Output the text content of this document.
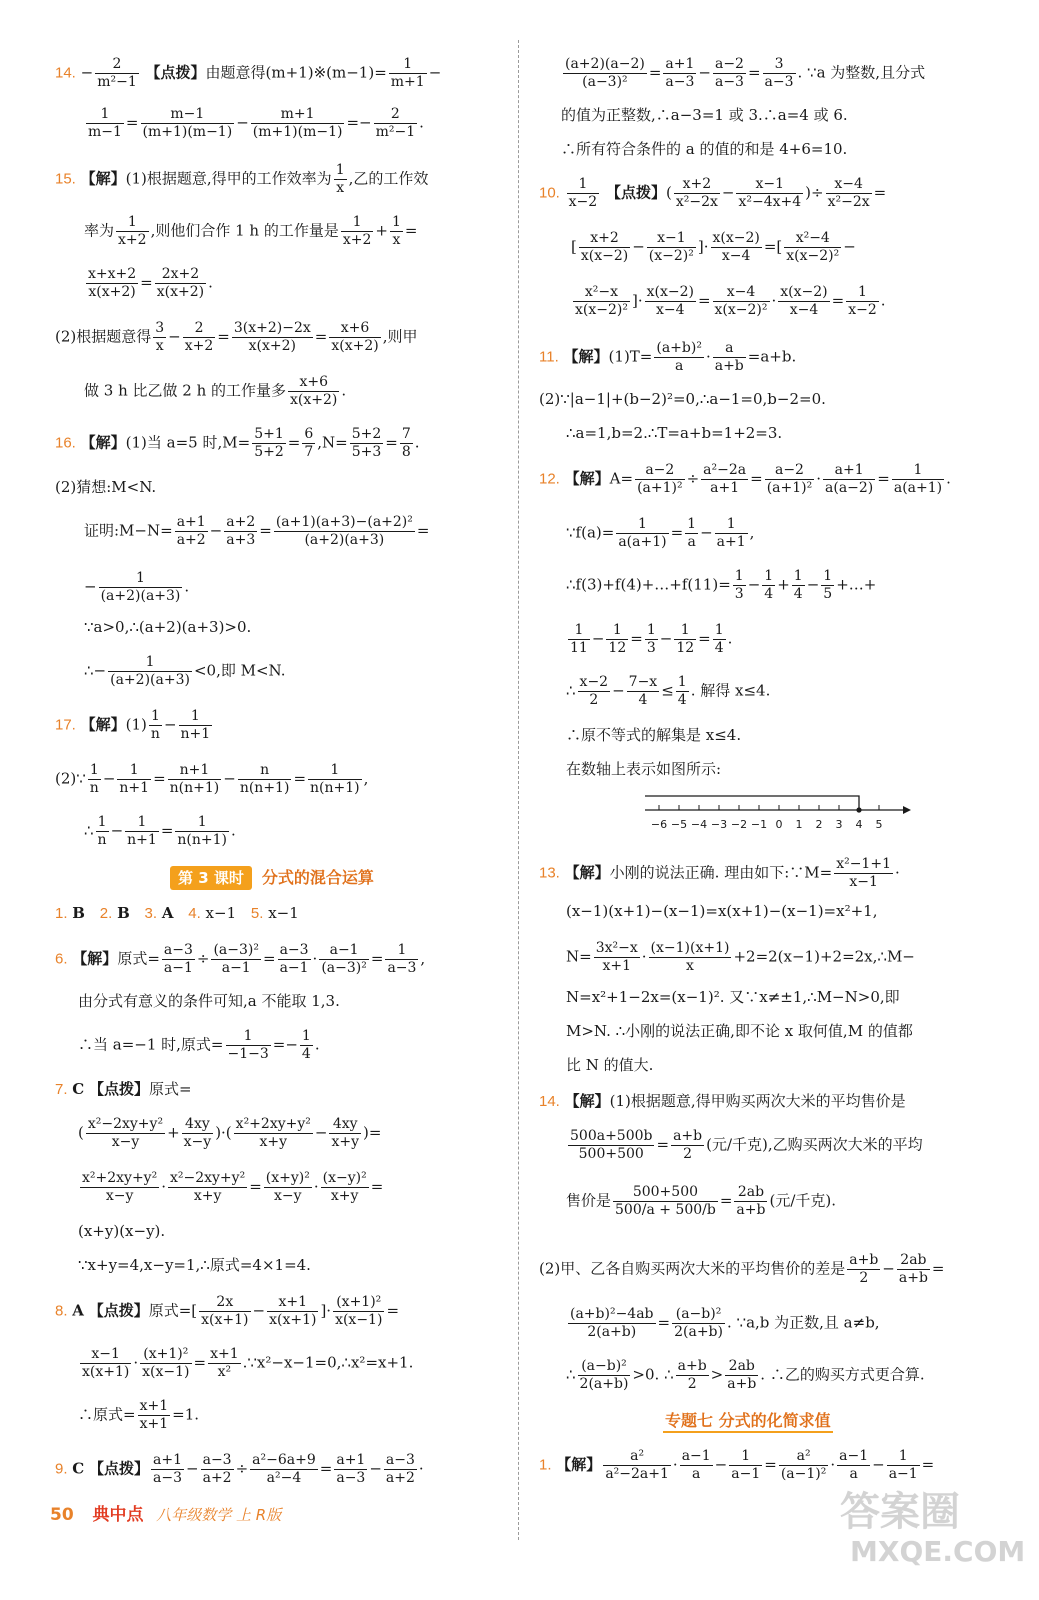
14. − $\frac{2}{\text{m²−1}}$ 【点拨】由题意得(m+1)※(m−1)= $\frac{1}{m+1}$ −
$\frac{1}{m-1} = \frac{m-1}{(m+1)(m-1)} - \frac{m+1}{(m+1)(m-1)} =- \frac{2}{\text{m²−1}}$ .
15. 【解】(1)根据题意,得甲的工作效率为 $\frac{1}{x}$ ,乙的工作效
率为 $\frac{1}{x+2}$ ,则他们合作 1 h 的工作量是 $\frac{1}{x+2} + \frac{1}{x}$ =
$\frac{x+x+2}{x(x+2)} = \frac{2x+2}{x(x+2)}$ .
(2)根据题意得 $\frac{3}{x} - \frac{2}{x+2} = \frac{3(x+2)-2x}{x(x+2)} = \frac{x+6}{x(x+2)}$ ,则甲
做 3 h 比乙做 2 h 的工作量多 $\frac{x+6}{x(x+2)}$ .
16. 【解】(1)当 a=5 时$,M= \frac{5+1}{5+2} = \frac{6}{7} ,N= \frac{5+2}{5+3} = \frac{7}{8}$ .
(2)猜想:M<N.
证明:M−N= $\frac{a+1}{a+2} - \frac{a+2}{a+3} = \frac{\text{(a+1)(a+3)−(a+2)²}}{(a+2)(a+3)}$ =
− $\frac{1}{(a+2)(a+3)}$ .
∵a>0,∴(a+2)(a+3)>0.
∴− $\frac{1}{(a+2)(a+3)} <0$,即 M<N.
17. 【解】$(1) \frac{1}{n} - \frac{1}{n+1}$
(2)∵ $\frac{1}{n} - \frac{1}{n+1} = \frac{n+1}{n(n+1)} - \frac{n}{n(n+1)} = \frac{1}{n(n+1)}$ ,
∴ $\frac{1}{n} - \frac{1}{n+1} = \frac{1}{n(n+1)}$ .
第 3 课时 分式的混合运算
1. B 2. B 3. A 4. x−1 5. x−1
6. 【解】原式= $\frac{a-3}{a-1} \div \frac{\text{(a−3)²}}{a-1} = \frac{a-3}{a-1} \cdot \frac{a-1}{\text{(a−3)²}} = \frac{1}{a-3}$ ,
由分式有意义的条件可知,a 不能取 1,3.
∴当 a=−1 时,原式= $\frac{1}{-1-3} =- \frac{1}{4}$ .
7. C 【点拨】原式=
( $\frac{\text{x²−2xy+y²}}{x-y} + \frac{4xy}{x-y}$ )·( $\frac{\text{x²+2xy+y²}}{x+y} - \frac{4xy}{x+y}$ )=
$\frac{\text{x²+2xy+y²}}{x-y} \cdot \frac{\text{x²−2xy+y²}}{x+y} = \frac{\text{(x+y)²}}{x-y} \cdot \frac{\text{(x−y)²}}{x+y}$ =
(x+y)(x−y).
∵x+y=4,x−y=1,∴原式=4×1=4.
8. A 【点拨】原式=[ $\frac{2x}{x(x+1)} - \frac{x+1}{x(x+1)}$ ]· $\frac{\text{(x+1)²}}{x(x-1)}$ =
$\frac{x-1}{x(x+1)} \cdot \frac{\text{(x+1)²}}{x(x-1)} = \frac{x+1}{\text{x²}}$ .∵x²−x−1=0,∴x²=x+1.
∴原式= $\frac{x+1}{x+1} =1$.
9. C 【点拨】 $\frac{a+1}{a-3} - \frac{a-3}{a+2} \div \frac{\text{a²−6a+9}}{\text{a²−4}} = \frac{a+1}{a-3} - \frac{a-3}{a+2}$ ·
$\frac{(a+2)(a-2)}{\text{(a−3)²}} = \frac{a+1}{a-3} - \frac{a-2}{a-3} = \frac{3}{a-3}$ . ∵a 为整数,且分式
的值为正整数,∴a−3=1 或 3.∴a=4 或 6.
∴所有符合条件的 a 的值的和是 4+6=10.
10. $\frac{1}{x-2}$ 【点拨】( $\frac{x+2}{\text{x²−2x}} - \frac{x-1}{\text{x²−4x+4}}$ )÷ $\frac{x-4}{\text{x²−2x}}$ =
[ $\frac{x+2}{x(x-2)} - \frac{x-1}{\text{(x−2)²}}$ ]· $\frac{x(x-2)}{x-4}$ =[ $\frac{\text{x²−4}}{\text{x(x−2)²}}$ −
$\frac{\text{x²−x}}{\text{x(x−2)²}}$ ]· $\frac{x(x-2)}{x-4} = \frac{x-4}{\text{x(x−2)²}} \cdot \frac{x(x-2)}{x-4} = \frac{1}{x-2}$ .
11. 【解】$(1)T= \frac{\text{(a+b)²}}{a} \cdot \frac{a}{a+b} =a+b$.
(2)∵|a−1|+(b−2)²=0,∴a−1=0,b−2=0.
∴a=1,b=2.∴T=a+b=1+2=3.
12. 【解】$A= \frac{a-2}{\text{(a+1)²}} \div \frac{\text{a²−2a}}{a+1} = \frac{a-2}{\text{(a+1)²}} \cdot \frac{a+1}{a(a-2)} = \frac{1}{a(a+1)}$ .
∵f(a)= $\frac{1}{a(a+1)} = \frac{1}{a} - \frac{1}{a+1}$ ,
∴f(3)+f(4)+…+f(11)= $\frac{1}{3} - \frac{1}{4} + \frac{1}{4} - \frac{1}{5}$ +…+
$\frac{1}{11} - \frac{1}{12} = \frac{1}{3} - \frac{1}{12} = \frac{1}{4}$ .
∴ $\frac{x-2}{2} - \frac{7-x}{4} \le \frac{1}{4}$ . 解得 x≤4.
∴原不等式的解集是 x≤4.
在数轴上表示如图所示:
−6 −5 −4 −3 −2 −1 0 1 2 3 4 5
13. 【解】小刚的说法正确. 理由如下:∵M= $\frac{\text{x²−1+1}}{x-1}$ ·
(x−1)(x+1)−(x−1)=x(x+1)−(x−1)=x²+1,
$N= \frac{\text{3x²−x}}{x+1} \cdot \frac{(x-1)(x+1)}{x}$ +2=2(x−1)+2=2x,∴M−
N=x²+1−2x=(x−1)². 又∵x≠±1,∴M−N>0,即
M>N. ∴小刚的说法正确,即不论 x 取何值,M 的值都
比 N 的值大.
14. 【解】(1)根据题意,得甲购买两次大米的平均售价是
$\frac{500a+500b}{500+500} = \frac{a+b}{2}$ (元/千克),乙购买两次大米的平均
售价是 $\frac{500+500}{500/a + 500/b} = \frac{2ab}{a+b}$ (元/千克).
(2)甲、乙各自购买两次大米的平均售价的差是 $\frac{a+b}{2} - \frac{2ab}{a+b}$ =
$\frac{\text{(a+b)²−4ab}}{2(a+b)} = \frac{\text{(a−b)²}}{2(a+b)}$ . ∵a,b 为正数,且 a≠b,
∴ $\frac{\text{(a−b)²}}{2(a+b)} >0$. ∴ $\frac{a+b}{2} > \frac{2ab}{a+b}$ . ∴乙的购买方式更合算.
专题七 分式的化简求值
1. 【解】 $\frac{\text{a²}}{\text{a²−2a+1}} \cdot \frac{a-1}{a} - \frac{1}{a-1} = \frac{\text{a²}}{\text{(a−1)²}} \cdot \frac{a-1}{a} - \frac{1}{a-1}$ =
50 典中点 八年级数学 上 R版	答案圈
MXQE.COM
